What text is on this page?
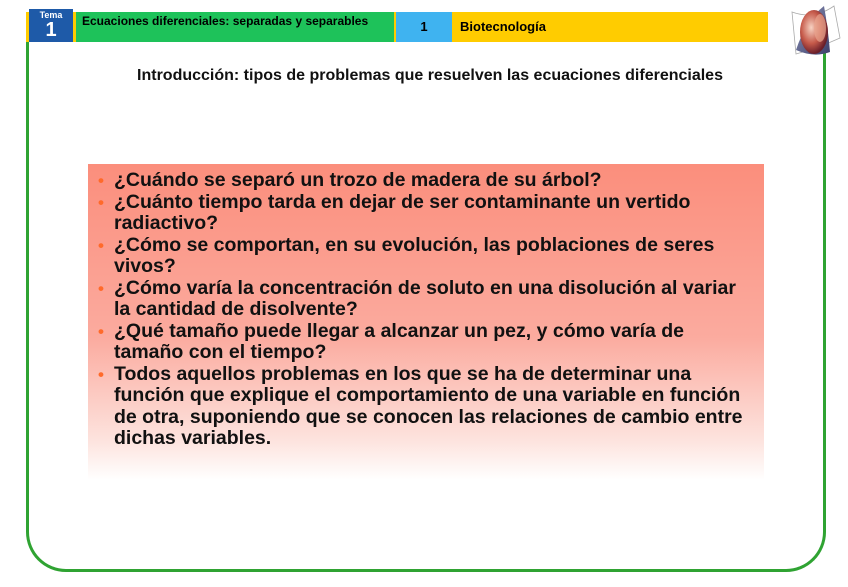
Tema
1	Ecuaciones diferenciales: separadas y separables	1	Biotecnología
Introducción: tipos de problemas que resuelven las ecuaciones diferenciales
• ¿Cuándo se separó un trozo de madera de su árbol?
• ¿Cuánto tiempo tarda en dejar de ser contaminante un vertido radiactivo?
• ¿Cómo se comportan, en su evolución, las poblaciones de seres vivos?
• ¿Cómo varía la concentración de soluto en una disolución al variar la cantidad de disolvente?
• ¿Qué tamaño puede llegar a alcanzar un pez, y cómo varía de tamaño con el tiempo?
• Todos aquellos problemas en los que se ha de determinar una función que explique el comportamiento de una variable en función de otra, suponiendo que se conocen las relaciones de cambio entre dichas variables.
